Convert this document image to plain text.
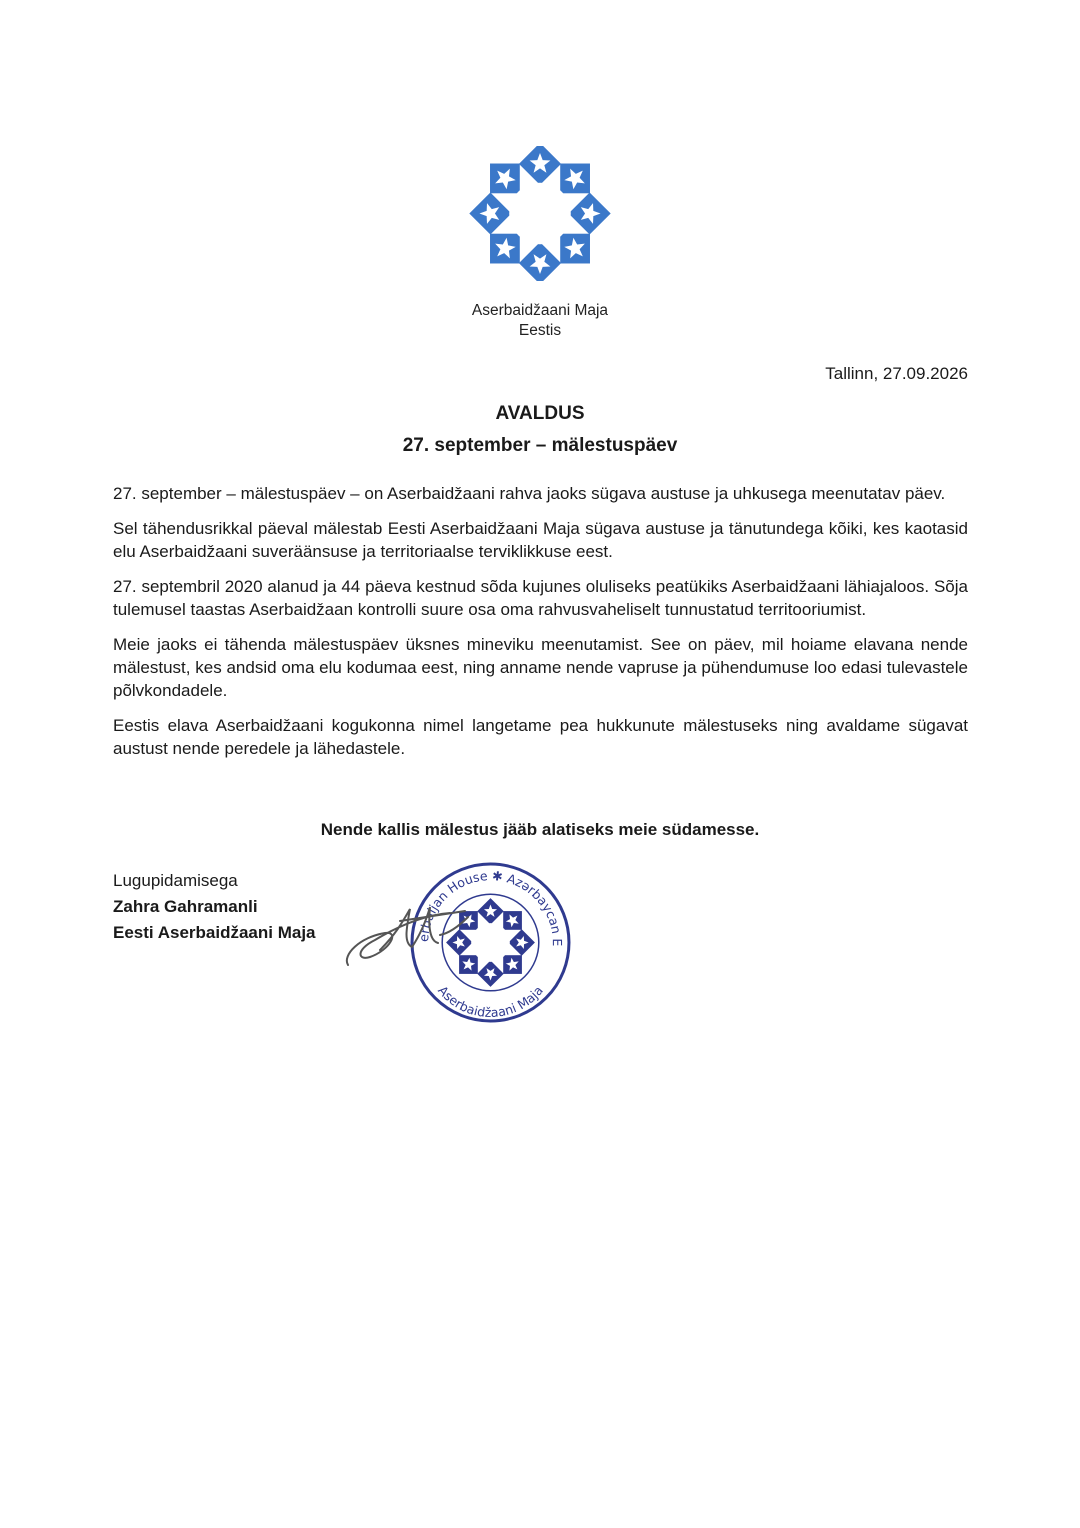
Aserbaidžaani Maja
Eestis
Tallinn, 27.09.2026
AVALDUS
27. september – mälestuspäev

27. september – mälestuspäev – on Aserbaidžaani rahva jaoks sügava austuse ja uhkusega meenutatav päev.

Sel tähendusrikkal päeval mälestab Eesti Aserbaidžaani Maja sügava austuse ja tänutundega kõiki, kes kaotasid elu Aserbaidžaani suveräänsuse ja territoriaalse terviklikkuse eest.

27. septembril 2020 alanud ja 44 päeva kestnud sõda kujunes oluliseks peatükiks Aserbaidžaani lähiajaloos. Sõja tulemusel taastas Aserbaidžaan kontrolli suure osa oma rahvusvaheliselt tunnustatud territooriumist.

Meie jaoks ei tähenda mälestuspäev üksnes mineviku meenutamist. See on päev, mil hoiame elavana nende mälestust, kes andsid oma elu kodumaa eest, ning anname nende vapruse ja pühendumuse loo edasi tulevastele põlvkondadele.

Eestis elava Aserbaidžaani kogukonna nimel langetame pea hukkunute mälestuseks ning avaldame sügavat austust nende peredele ja lähedastele.

Nende kallis mälestus jääb alatiseks meie südamesse.
Lugupidamisega
Zahra Gahramanli
Eesti Aserbaidžaani Maja	erbaijan House ✱ Azərbaycan E
Aserbaidžaani Maja
